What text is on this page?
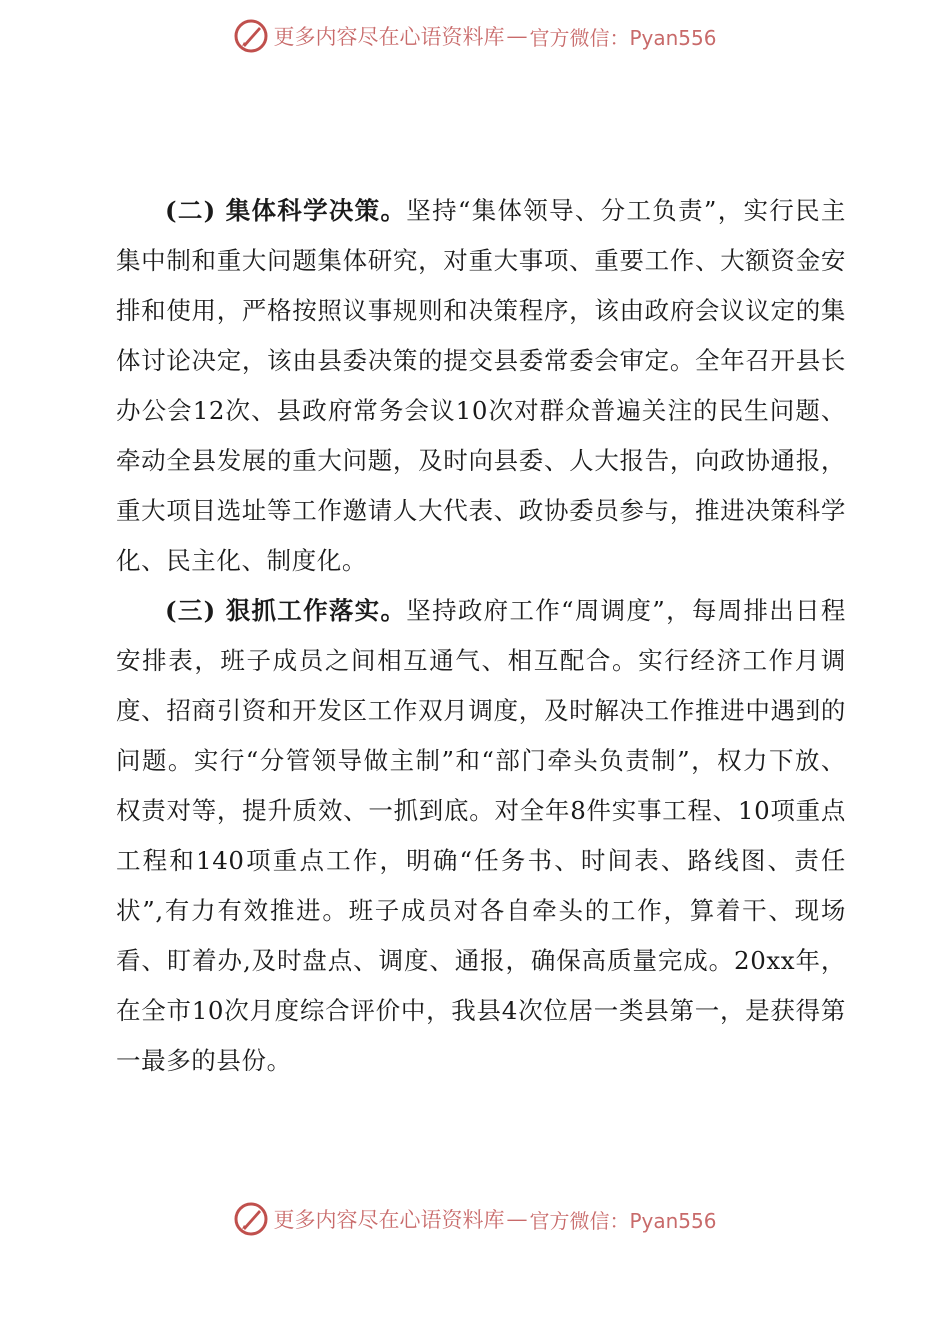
更多内容尽在心语资料库 — 官方微信：Pyan556

(二) 集体科学决策。坚持“集体领导、分工负责”，实行民主集中制和重大问题集体研究，对重大事项、重要工作、大额资金安排和使用，严格按照议事规则和决策程序，该由政府会议议定的集体讨论决定，该由县委决策的提交县委常委会审定。全年召开县长办公会12次、县政府常务会议10次对群众普遍关注的民生问题、牵动全县发展的重大问题，及时向县委、人大报告，向政协通报，重大项目选址等工作邀请人大代表、政协委员参与，推进决策科学化、民主化、制度化。

(三) 狠抓工作落实。坚持政府工作“周调度”，每周排出日程安排表，班子成员之间相互通气、相互配合。实行经济工作月调度、招商引资和开发区工作双月调度，及时解决工作推进中遇到的问题。实行“分管领导做主制”和“部门牵头负责制”，权力下放、权责对等，提升质效、一抓到底。对全年8件实事工程、10项重点工程和140项重点工作，明确“任务书、时间表、路线图、责任状”,有力有效推进。班子成员对各自牵头的工作，算着干、现场看、盯着办,及时盘点、调度、通报，确保高质量完成。20xx年，在全市10次月度综合评价中，我县4次位居一类县第一，是获得第一最多的县份。

更多内容尽在心语资料库 — 官方微信：Pyan556
